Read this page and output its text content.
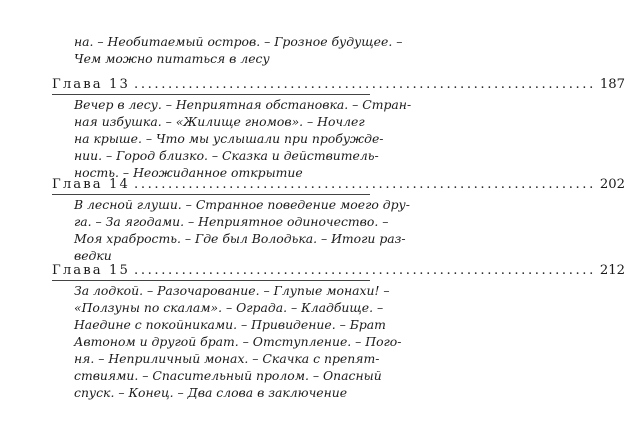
на. – Необитаемый остров. – Грозное будущее. –
Чем можно питаться в лесу
Глава 13 .................................................................... 187
Вечер в лесу. – Неприятная обстановка. – Стран-
ная избушка. – «Жилище гномов». – Ночлег
на крыше. – Что мы услышали при пробужде-
нии. – Город близко. – Сказка и действитель-
ность. – Неожиданное открытие
Глава 14 .................................................................... 202
В лесной глуши. – Странное поведение моего дру-
га. – За ягодами. – Неприятное одиночество. –
Моя храбрость. – Где был Володька. – Итоги раз-
ведки
Глава 15 .................................................................... 212
За лодкой. – Разочарование. – Глупые монахи! –
«Ползуны по скалам». – Ограда. – Кладбище. –
Наедине с покойниками. – Привидение. – Брат
Автоном и другой брат. – Отступление. – Пого-
ня. – Неприличный монах. – Скачка с препят-
ствиями. – Спасительный пролом. – Опасный
спуск. – Конец. – Два слова в заключение
